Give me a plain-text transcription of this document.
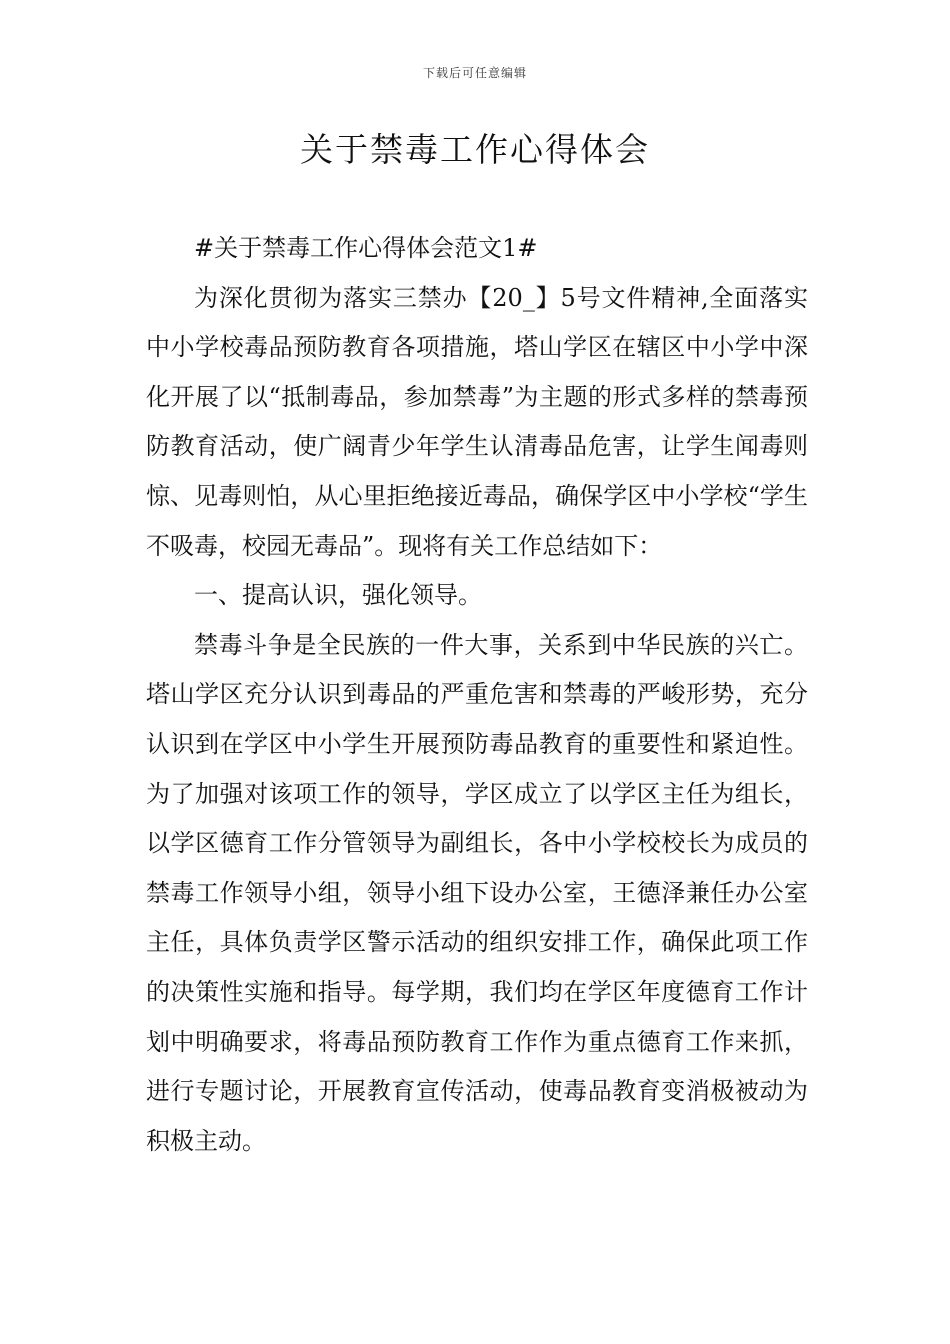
下载后可任意编辑
关于禁毒工作心得体会

#关于禁毒工作心得体会范文1#

为深化贯彻为落实三禁办【20_】5号文件精神,全面落实中小学校毒品预防教育各项措施，塔山学区在辖区中小学中深化开展了以“抵制毒品，参加禁毒”为主题的形式多样的禁毒预防教育活动，使广阔青少年学生认清毒品危害，让学生闻毒则惊、见毒则怕，从心里拒绝接近毒品，确保学区中小学校“学生不吸毒，校园无毒品”。现将有关工作总结如下：

一、提高认识，强化领导。

禁毒斗争是全民族的一件大事，关系到中华民族的兴亡。塔山学区充分认识到毒品的严重危害和禁毒的严峻形势，充分认识到在学区中小学生开展预防毒品教育的重要性和紧迫性。为了加强对该项工作的领导，学区成立了以学区主任为组长，以学区德育工作分管领导为副组长，各中小学校校长为成员的禁毒工作领导小组，领导小组下设办公室，王德泽兼任办公室主任，具体负责学区警示活动的组织安排工作，确保此项工作的决策性实施和指导。每学期，我们均在学区年度德育工作计划中明确要求，将毒品预防教育工作作为重点德育工作来抓，进行专题讨论，开展教育宣传活动，使毒品教育变消极被动为积极主动。
